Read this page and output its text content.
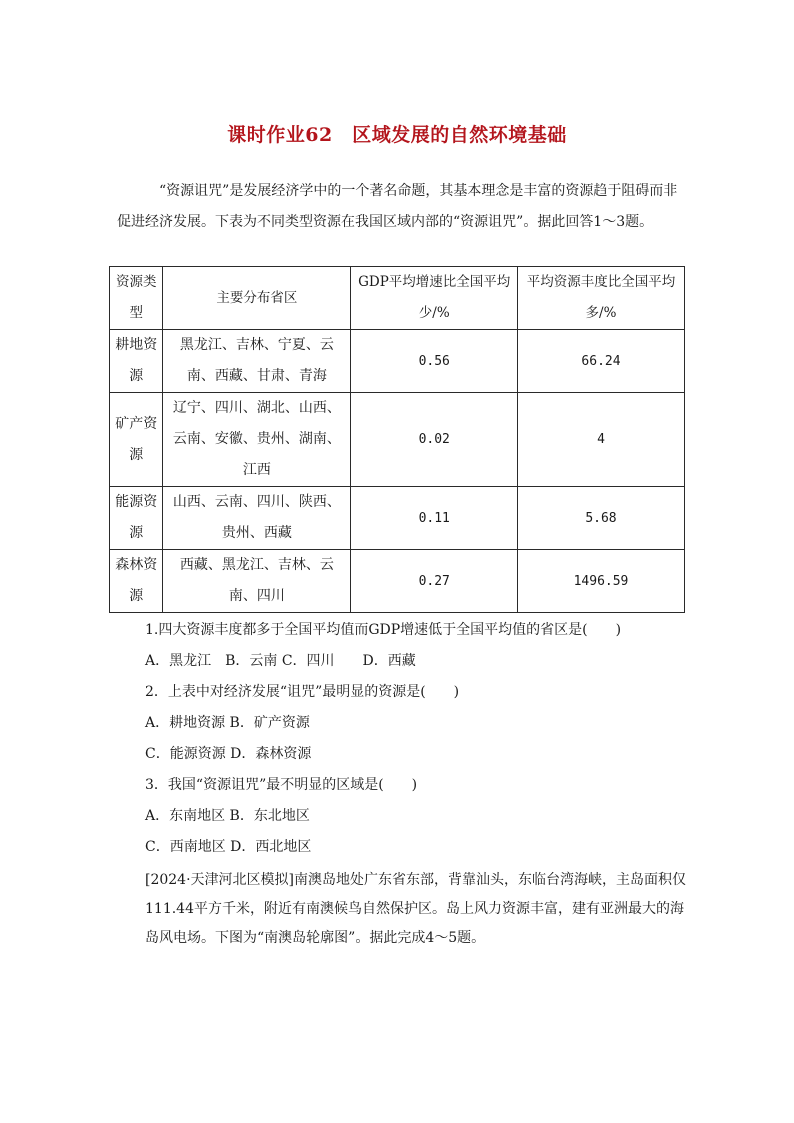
课时作业62　区域发展的自然环境基础
“资源诅咒”是发展经济学中的一个著名命题，其基本理念是丰富的资源趋于阻碍而非促进经济发展。下表为不同类型资源在我国区域内部的“资源诅咒”。据此回答1～3题。
资源类型	主要分布省区	GDP平均增速比全国平均少/%	平均资源丰度比全国平均多/%
耕地资源	黑龙江、吉林、宁夏、云南、西藏、甘肃、青海	0.56	66.24
矿产资源	辽宁、四川、湖北、山西、云南、安徽、贵州、湖南、江西	0.02	4
能源资源	山西、云南、四川、陕西、贵州、西藏	0.11	5.68
森林资源	西藏、黑龙江、吉林、云南、四川	0.27	1496.59
1.四大资源丰度都多于全国平均值而GDP增速低于全国平均值的省区是(　　)
A．黑龙江　B．云南 C．四川　　D．西藏
2．上表中对经济发展“诅咒”最明显的资源是(　　)
A．耕地资源 B．矿产资源
C．能源资源 D．森林资源
3．我国“资源诅咒”最不明显的区域是(　　)
A．东南地区 B．东北地区
C．西南地区 D．西北地区
[2024·天津河北区模拟]南澳岛地处广东省东部，背靠汕头，东临台湾海峡，主岛面积仅111.44平方千米，附近有南澳候鸟自然保护区。岛上风力资源丰富，建有亚洲最大的海岛风电场。下图为“南澳岛轮廓图”。据此完成4～5题。
